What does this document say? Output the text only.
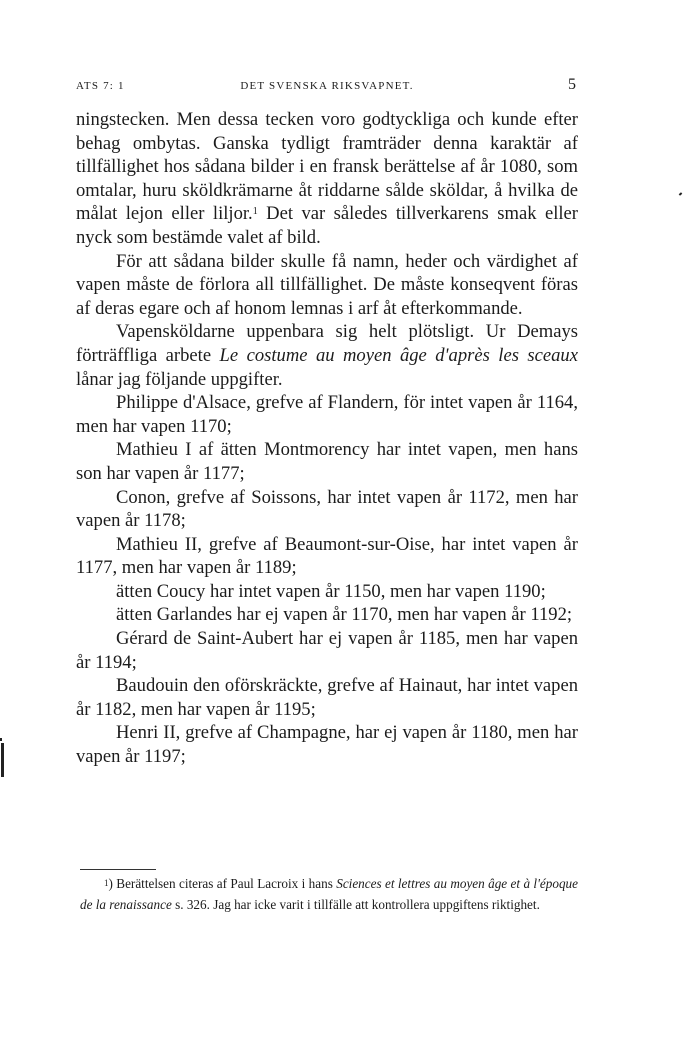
ATS 7: 1	DET SVENSKA RIKSVAPNET.	5

ningstecken. Men dessa tecken voro godtyckliga och kunde efter behag ombytas. Ganska tydligt framträder denna karaktär af tillfällighet hos sådana bilder i en fransk berättelse af år 1080, som omtalar, huru sköldkrämarne åt riddarne sålde sköldar, å hvilka de målat lejon eller liljor.$^1$ Det var således tillverkarens smak eller nyck som bestämde valet af bild.

För att sådana bilder skulle få namn, heder och värdighet af vapen måste de förlora all tillfällighet. De måste konseqvent föras af deras egare och af honom lemnas i arf åt efterkommande.

Vapensköldarne uppenbara sig helt plötsligt. Ur Demays förträffliga arbete Le costume au moyen âge d'après les sceaux lånar jag följande uppgifter.

Philippe d'Alsace, grefve af Flandern, för intet vapen år 1164, men har vapen 1170;

Mathieu I af ätten Montmorency har intet vapen, men hans son har vapen år 1177;

Conon, grefve af Soissons, har intet vapen år 1172, men har vapen år 1178;

Mathieu II, grefve af Beaumont-sur-Oise, har intet vapen år 1177, men har vapen år 1189;

ätten Coucy har intet vapen år 1150, men har vapen 1190;

ätten Garlandes har ej vapen år 1170, men har vapen år 1192;

Gérard de Saint-Aubert har ej vapen år 1185, men har vapen år 1194;

Baudouin den oförskräckte, grefve af Hainaut, har intet vapen år 1182, men har vapen år 1195;

Henri II, grefve af Champagne, har ej vapen år 1180, men har vapen år 1197;

$^1$) Berättelsen citeras af Paul Lacroix i hans Sciences et lettres au moyen âge et à l'époque de la renaissance s. 326. Jag har icke varit i tillfälle att kontrollera uppgiftens riktighet.
